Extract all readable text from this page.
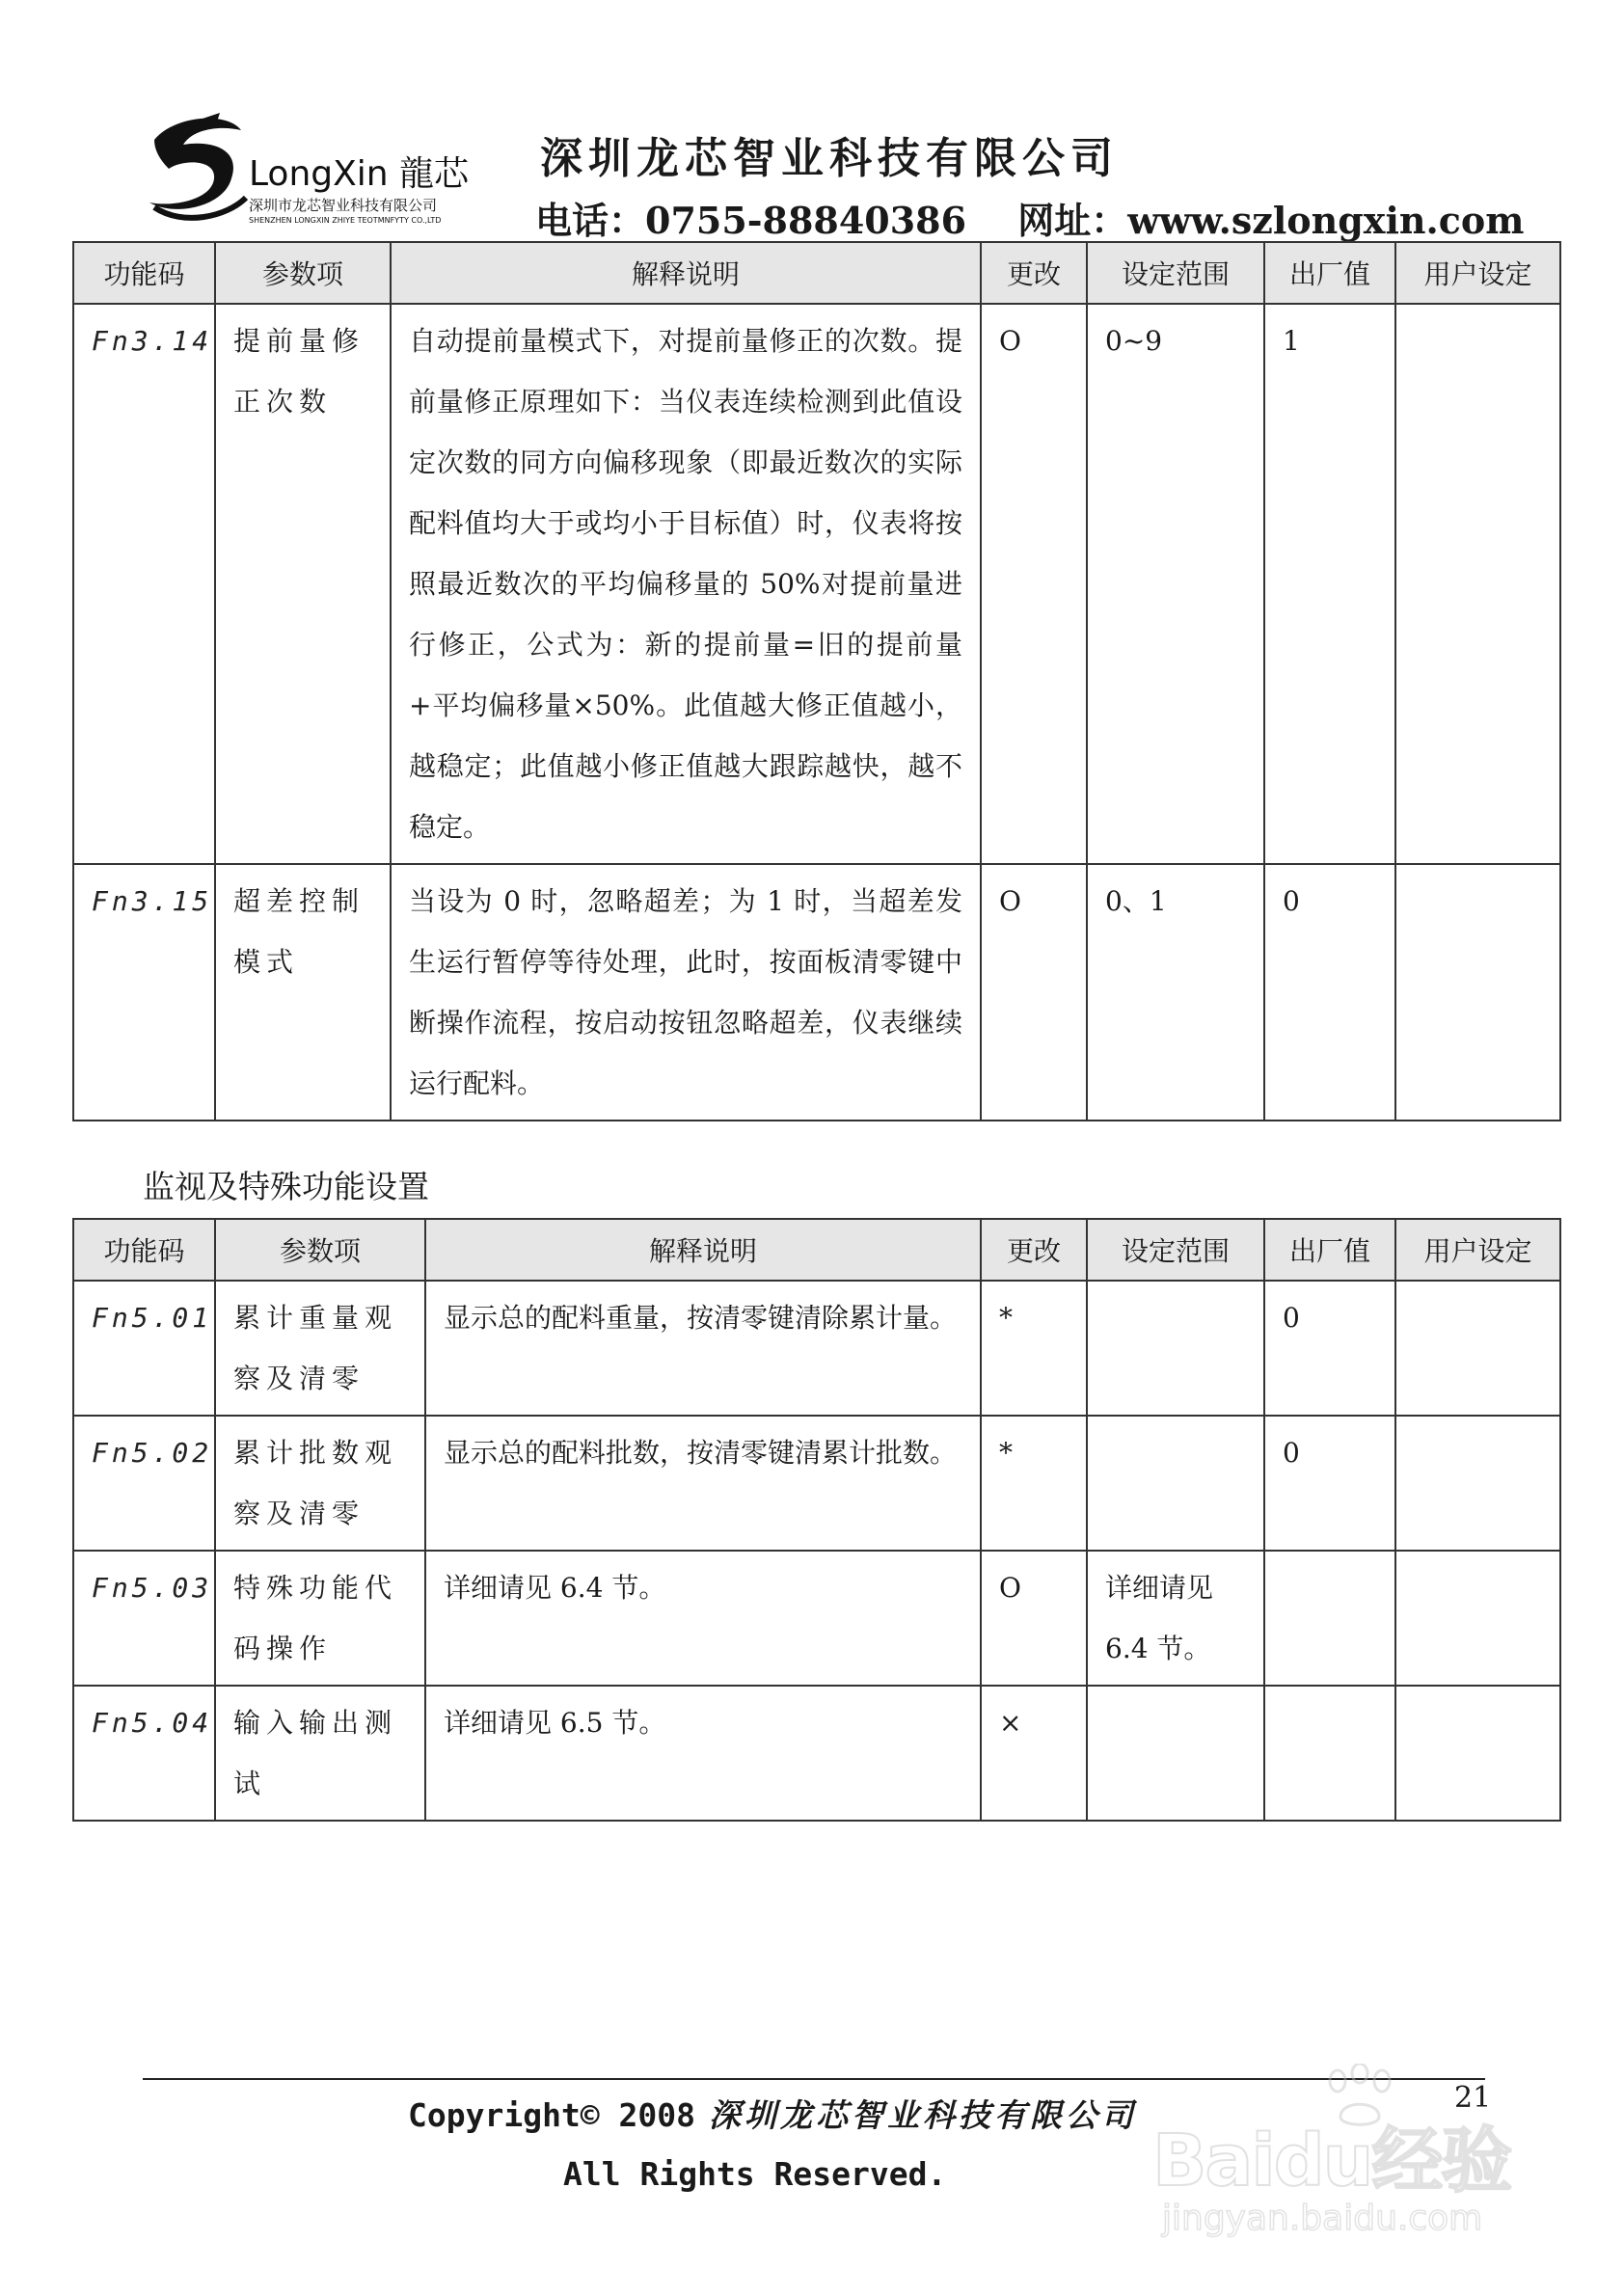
LongXin 龍芯
深圳市龙芯智业科技有限公司
SHENZHEN LONGXIN ZHIYE TEOTMNFYTY CO.,LTD
深圳龙芯智业科技有限公司
电话：0755-88840386 网址：www.szlongxin.com
功能码	参数项	解释说明	更改	设定范围	出厂值	用户设定
Fn3.14	提前量修正次数	自动提前量模式下，对提前量修正的次数。提前量修正原理如下：当仪表连续检测到此值设定次数的同方向偏移现象（即最近数次的实际配料值均大于或均小于目标值）时，仪表将按照最近数次的平均偏移量的 50%对提前量进行修正，公式为：新的提前量=旧的提前量+平均偏移量×50%。此值越大修正值越小，越稳定；此值越小修正值越大跟踪越快，越不稳定。	O	0~9	1	
Fn3.15	超差控制模式	当设为 0 时，忽略超差；为 1 时，当超差发生运行暂停等待处理，此时，按面板清零键中断操作流程，按启动按钮忽略超差，仪表继续运行配料。	O	0、1	0	
监视及特殊功能设置
功能码	参数项	解释说明	更改	设定范围	出厂值	用户设定
Fn5.01	累计重量观察及清零	显示总的配料重量，按清零键清除累计量。	*		0	
Fn5.02	累计批数观察及清零	显示总的配料批数，按清零键清累计批数。	*		0	
Fn5.03	特殊功能代码操作	详细请见 6.4 节。	O	详细请见 6.4 节。		
Fn5.04	输入输出测试	详细请见 6.5 节。	×			
21
Copyright© 2008 深圳龙芯智业科技有限公司
All Rights Reserved.	Baidu经验
jingyan.baidu.com
